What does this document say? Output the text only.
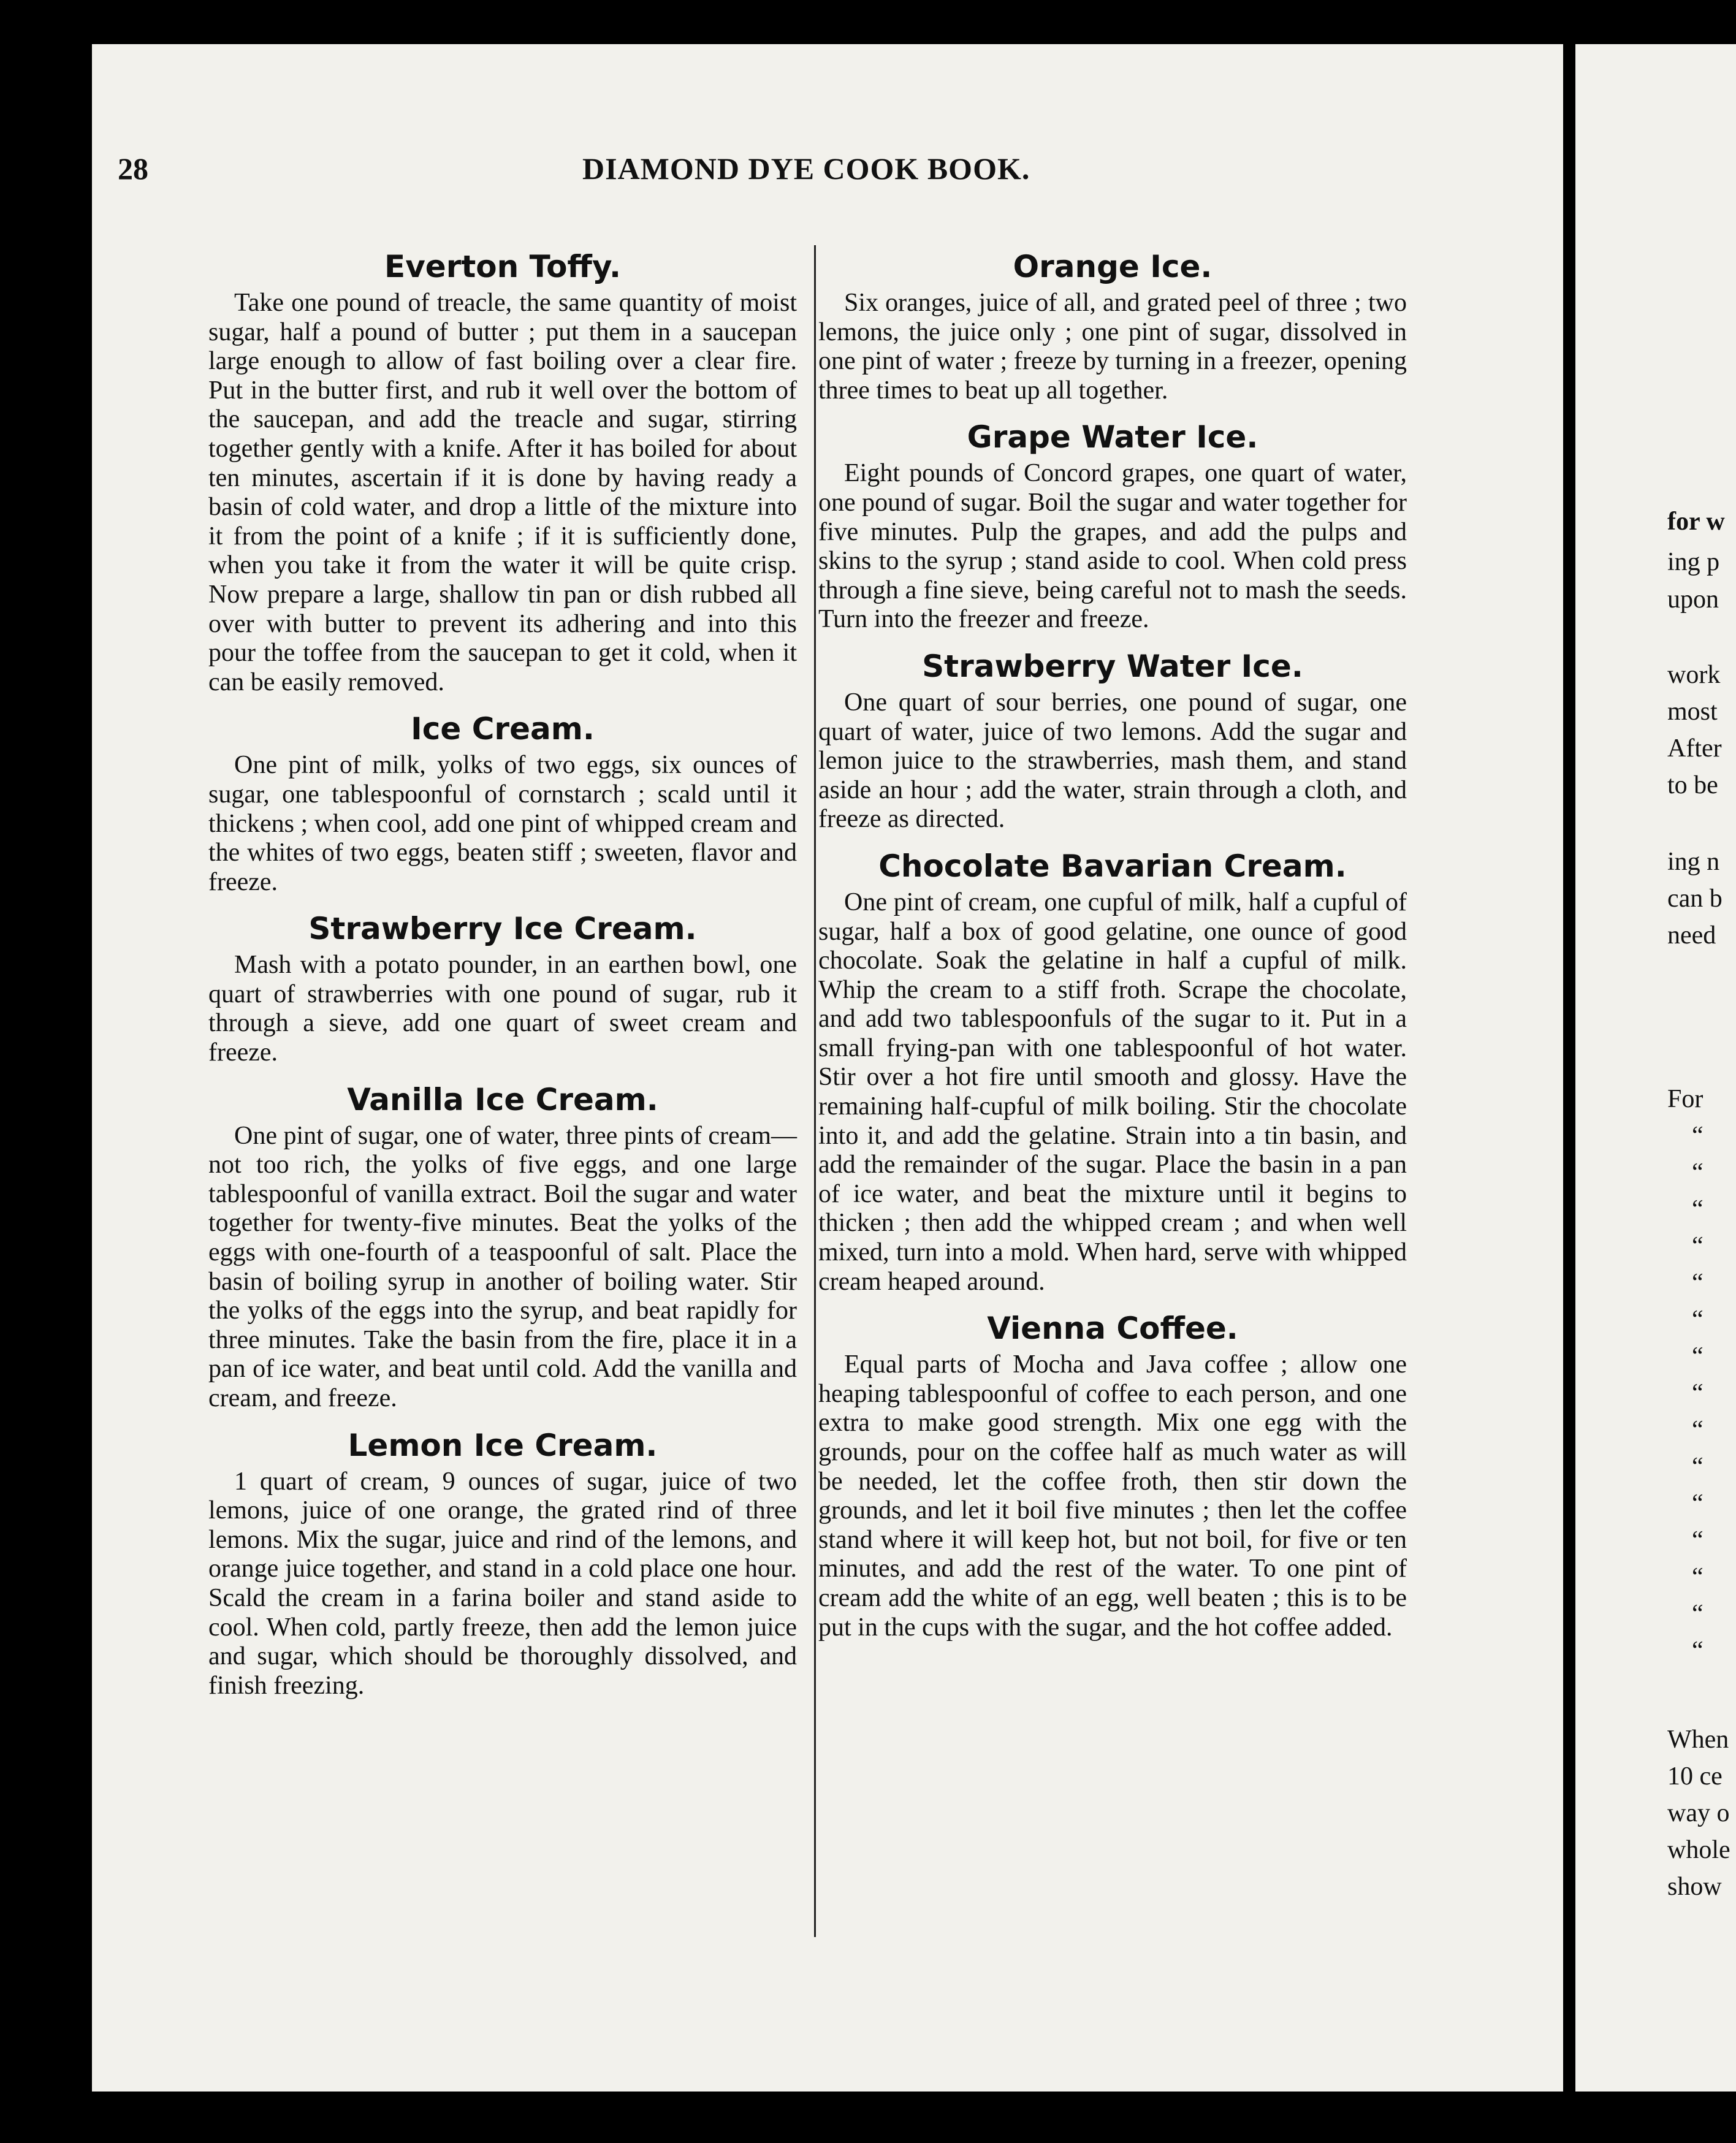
28	DIAMOND DYE COOK BOOK.
Everton Toffy.

Take one pound of treacle, the same quantity of moist sugar, half a pound of butter ; put them in a saucepan large enough to allow of fast boiling over a clear fire. Put in the butter first, and rub it well over the bottom of the saucepan, and add the treacle and sugar, stirring together gently with a knife. After it has boiled for about ten minutes, ascertain if it is done by having ready a basin of cold water, and drop a little of the mixture into it from the point of a knife ; if it is sufficiently done, when you take it from the water it will be quite crisp. Now prepare a large, shallow tin pan or dish rubbed all over with butter to prevent its adhering and into this pour the toffee from the saucepan to get it cold, when it can be easily removed.

Ice Cream.

One pint of milk, yolks of two eggs, six ounces of sugar, one tablespoonful of cornstarch ; scald until it thickens ; when cool, add one pint of whipped cream and the whites of two eggs, beaten stiff ; sweeten, flavor and freeze.

Strawberry Ice Cream.

Mash with a potato pounder, in an earthen bowl, one quart of strawberries with one pound of sugar, rub it through a sieve, add one quart of sweet cream and freeze.

Vanilla Ice Cream.

One pint of sugar, one of water, three pints of cream—not too rich, the yolks of five eggs, and one large tablespoonful of vanilla extract. Boil the sugar and water together for twenty-five minutes. Beat the yolks of the eggs with one-fourth of a teaspoonful of salt. Place the basin of boiling syrup in another of boiling water. Stir the yolks of the eggs into the syrup, and beat rapidly for three minutes. Take the basin from the fire, place it in a pan of ice water, and beat until cold. Add the vanilla and cream, and freeze.

Lemon Ice Cream.

1 quart of cream, 9 ounces of sugar, juice of two lemons, juice of one orange, the grated rind of three lemons. Mix the sugar, juice and rind of the lemons, and orange juice together, and stand in a cold place one hour. Scald the cream in a farina boiler and stand aside to cool. When cold, partly freeze, then add the lemon juice and sugar, which should be thoroughly dissolved, and finish freezing.

Orange Ice.

Six oranges, juice of all, and grated peel of three ; two lemons, the juice only ; one pint of sugar, dissolved in one pint of water ; freeze by turning in a freezer, opening three times to beat up all together.

Grape Water Ice.

Eight pounds of Concord grapes, one quart of water, one pound of sugar. Boil the sugar and water together for five minutes. Pulp the grapes, and add the pulps and skins to the syrup ; stand aside to cool. When cold press through a fine sieve, being careful not to mash the seeds. Turn into the freezer and freeze.

Strawberry Water Ice.

One quart of sour berries, one pound of sugar, one quart of water, juice of two lemons. Add the sugar and lemon juice to the strawberries, mash them, and stand aside an hour ; add the water, strain through a cloth, and freeze as directed.

Chocolate Bavarian Cream.

One pint of cream, one cupful of milk, half a cupful of sugar, half a box of good gelatine, one ounce of good chocolate. Soak the gelatine in half a cupful of milk. Whip the cream to a stiff froth. Scrape the chocolate, and add two tablespoonfuls of the sugar to it. Put in a small frying-pan with one tablespoonful of hot water. Stir over a hot fire until smooth and glossy. Have the remaining half-cupful of milk boiling. Stir the chocolate into it, and add the gelatine. Strain into a tin basin, and add the remainder of the sugar. Place the basin in a pan of ice water, and beat the mixture until it begins to thicken ; then add the whipped cream ; and when well mixed, turn into a mold. When hard, serve with whipped cream heaped around.

Vienna Coffee.

Equal parts of Mocha and Java coffee ; allow one heaping tablespoonful of coffee to each person, and one extra to make good strength. Mix one egg with the grounds, pour on the coffee half as much water as will be needed, let the coffee froth, then stir down the grounds, and let it boil five minutes ; then let the coffee stand where it will keep hot, but not boil, for five or ten minutes, and add the rest of the water. To one pint of cream add the white of an egg, well beaten ; this is to be put in the cups with the sugar, and the hot coffee added.

for w
ing p
upon
work
most
After
to be
ing n
can b
need
For
“
“
“
“
“
“
“
“
“
“
“
“
“
“
“
When
10 ce
way o
whole
show
